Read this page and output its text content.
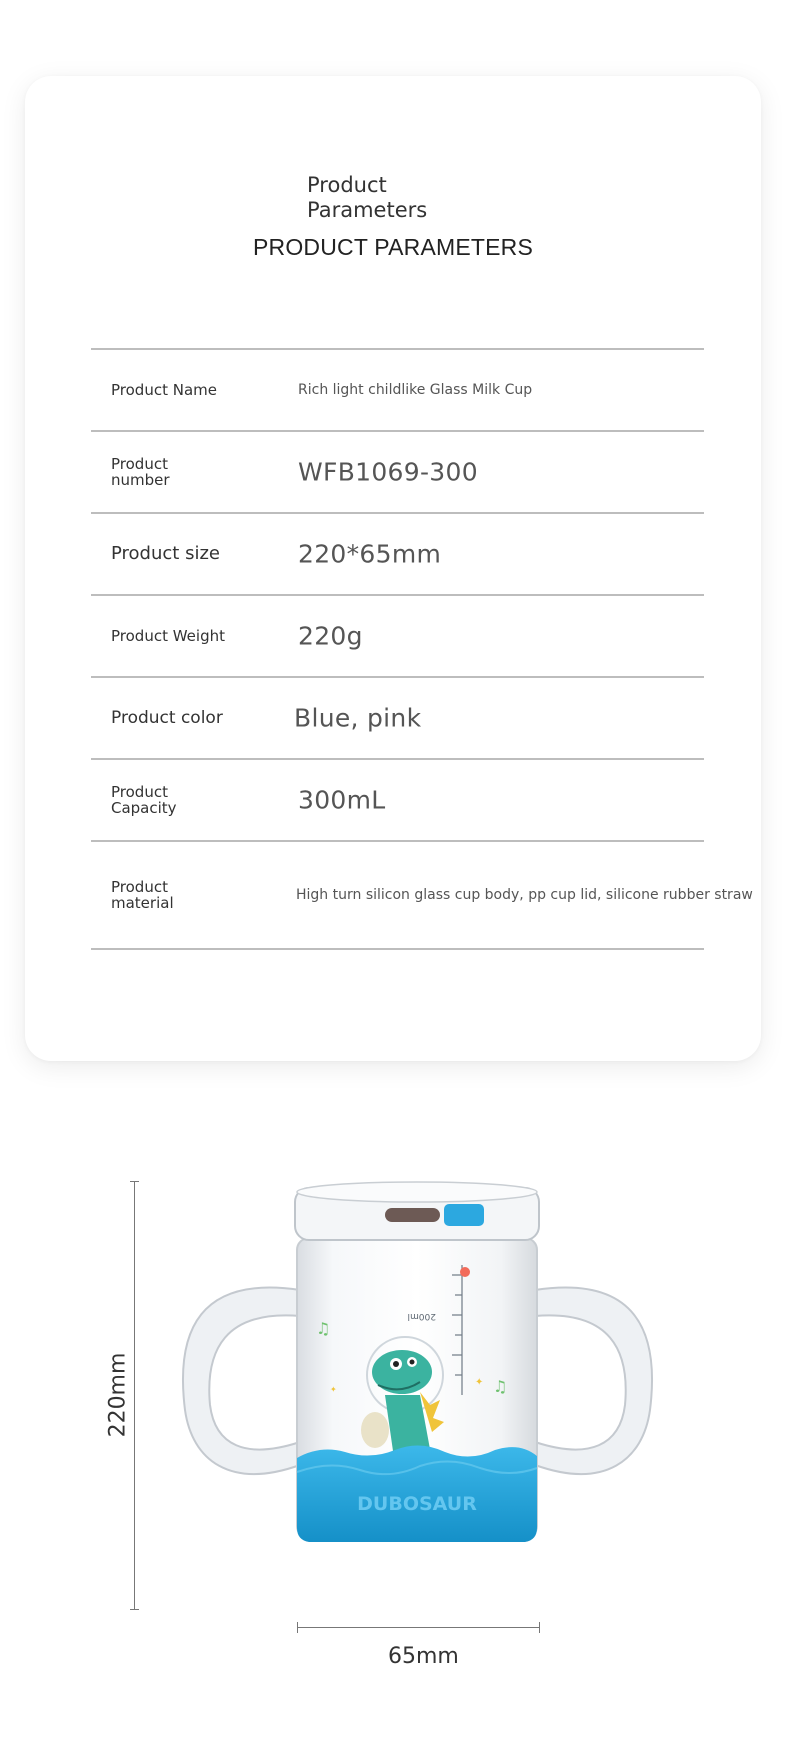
Product
Parameters
PRODUCT PARAMETERS
Product Name	Rich light childlike Glass Milk Cup
Product
number	WFB1069-300
Product size	220*65mm
Product Weight	220g
Product color	Blue, pink
Product
Capacity	300mL
Product
material	High turn silicon glass cup body, pp cup lid, silicone rubber straw
200ml
♫
♫
✦
✦
DUBOSAUR
220mm
65mm
